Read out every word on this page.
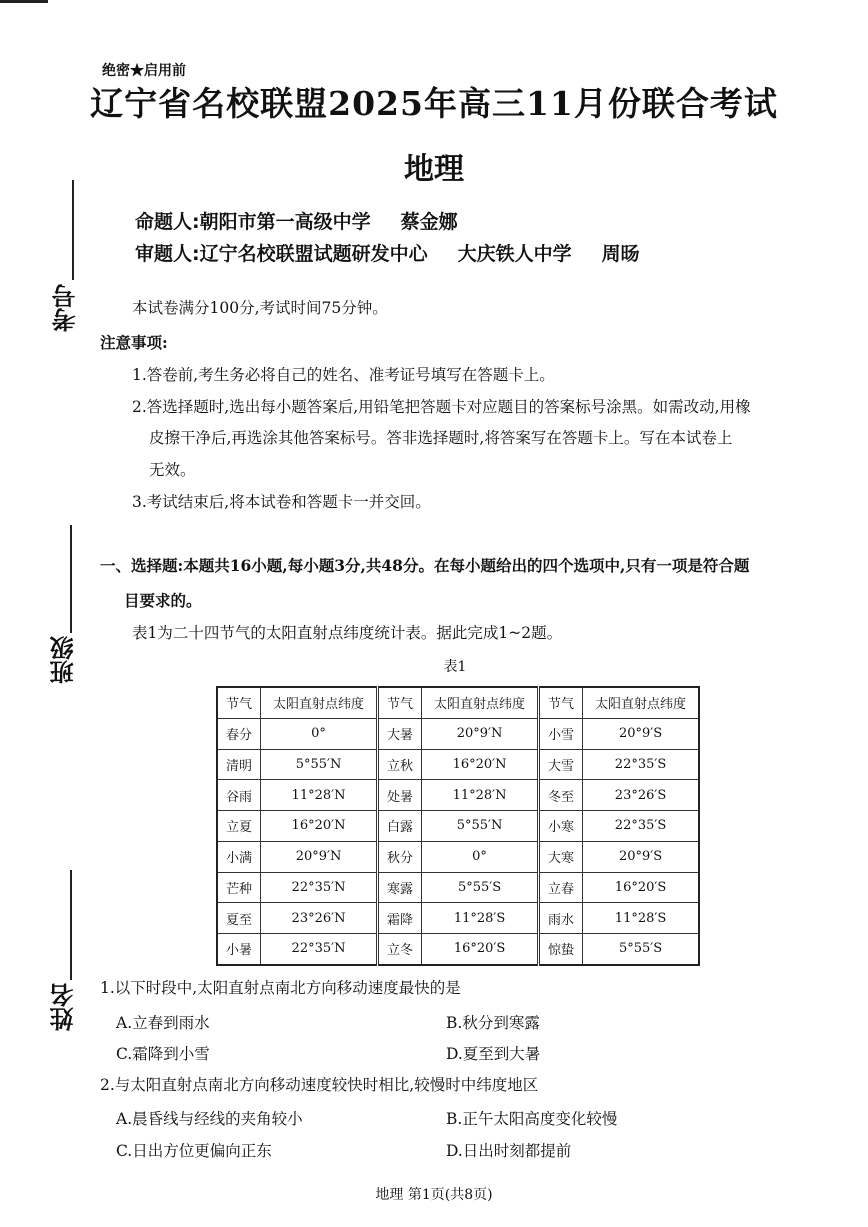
考号
班级
姓名
绝密★启用前
辽宁省名校联盟2025年高三11月份联合考试
地理
命题人:朝阳市第一高级中学 蔡金娜
审题人:辽宁名校联盟试题研发中心 大庆铁人中学 周旸
本试卷满分100分,考试时间75分钟。
注意事项:
1.答卷前,考生务必将自己的姓名、准考证号填写在答题卡上。
2.答选择题时,选出每小题答案后,用铅笔把答题卡对应题目的答案标号涂黑。如需改动,用橡
皮擦干净后,再选涂其他答案标号。答非选择题时,将答案写在答题卡上。写在本试卷上
无效。
3.考试结束后,将本试卷和答题卡一并交回。
一、选择题:本题共16小题,每小题3分,共48分。在每小题给出的四个选项中,只有一项是符合题
目要求的。
表1为二十四节气的太阳直射点纬度统计表。据此完成1~2题。
表1
节气	太阳直射点纬度	节气	太阳直射点纬度	节气	太阳直射点纬度
春分	0°	大暑	20°9′N	小雪	20°9′S
清明	5°55′N	立秋	16°20′N	大雪	22°35′S
谷雨	11°28′N	处暑	11°28′N	冬至	23°26′S
立夏	16°20′N	白露	5°55′N	小寒	22°35′S
小满	20°9′N	秋分	0°	大寒	20°9′S
芒种	22°35′N	寒露	5°55′S	立春	16°20′S
夏至	23°26′N	霜降	11°28′S	雨水	11°28′S
小暑	22°35′N	立冬	16°20′S	惊蛰	5°55′S
1.以下时段中,太阳直射点南北方向移动速度最快的是
A.立春到雨水	B.秋分到寒露
C.霜降到小雪	D.夏至到大暑
2.与太阳直射点南北方向移动速度较快时相比,较慢时中纬度地区
A.晨昏线与经线的夹角较小	B.正午太阳高度变化较慢
C.日出方位更偏向正东	D.日出时刻都提前
地理 第1页(共8页)
